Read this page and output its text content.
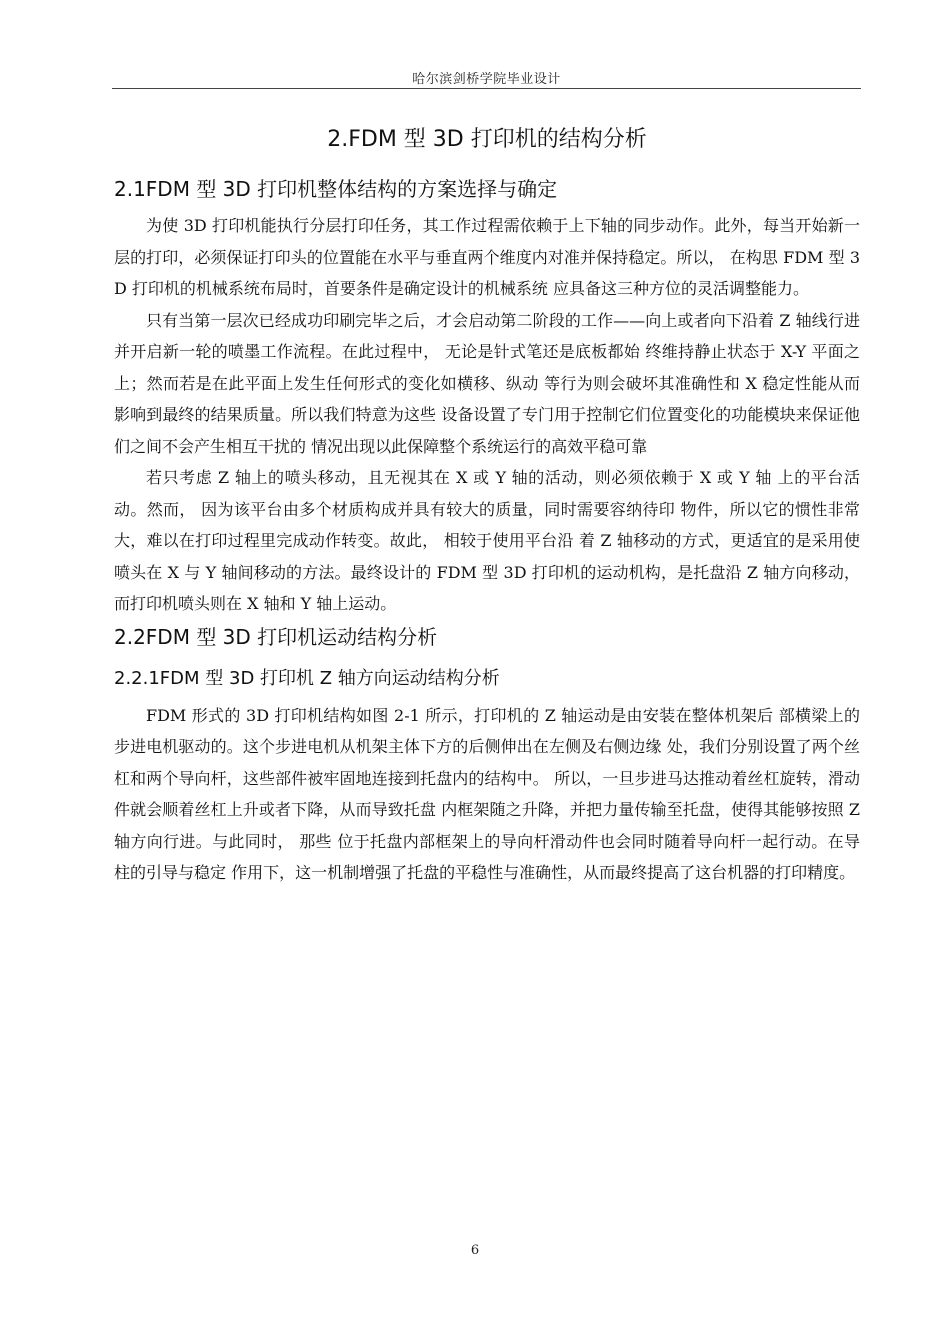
哈尔滨剑桥学院毕业设计
2.FDM 型 3D 打印机的结构分析
2.1FDM 型 3D 打印机整体结构的方案选择与确定

为使 3D 打印机能执行分层打印任务，其工作过程需依赖于上下轴的同步动作。此外，每当开始新一层的打印，必须保证打印头的位置能在水平与垂直两个维度内对准并保持稳定。所以， 在构思 FDM 型 3D 打印机的机械系统布局时，首要条件是确定设计的机械系统 应具备这三种方位的灵活调整能力。

只有当第一层次已经成功印刷完毕之后，才会启动第二阶段的工作——向上或者向下沿着 Z 轴线行进并开启新一轮的喷墨工作流程。在此过程中， 无论是针式笔还是底板都始 终维持静止状态于 X-Y 平面之上；然而若是在此平面上发生任何形式的变化如横移、纵动 等行为则会破坏其准确性和 X 稳定性能从而影响到最终的结果质量。所以我们特意为这些 设备设置了专门用于控制它们位置变化的功能模块来保证他们之间不会产生相互干扰的 情况出现以此保障整个系统运行的高效平稳可靠

若只考虑 Z 轴上的喷头移动，且无视其在 X 或 Y 轴的活动，则必须依赖于 X 或 Y 轴 上的平台活动。然而， 因为该平台由多个材质构成并具有较大的质量，同时需要容纳待印 物件，所以它的惯性非常大，难以在打印过程里完成动作转变。故此， 相较于使用平台沿 着 Z 轴移动的方式，更适宜的是采用使喷头在 X 与 Y 轴间移动的方法。最终设计的 FDM 型 3D 打印机的运动机构，是托盘沿 Z 轴方向移动，而打印机喷头则在 X 轴和 Y 轴上运动。

2.2FDM 型 3D 打印机运动结构分析
2.2.1FDM 型 3D 打印机 Z 轴方向运动结构分析

FDM 形式的 3D 打印机结构如图 2-1 所示，打印机的 Z 轴运动是由安装在整体机架后 部横梁上的步进电机驱动的。这个步进电机从机架主体下方的后侧伸出在左侧及右侧边缘 处，我们分别设置了两个丝杠和两个导向杆，这些部件被牢固地连接到托盘内的结构中。 所以，一旦步进马达推动着丝杠旋转，滑动件就会顺着丝杠上升或者下降，从而导致托盘 内框架随之升降，并把力量传输至托盘，使得其能够按照 Z 轴方向行进。与此同时， 那些 位于托盘内部框架上的导向杆滑动件也会同时随着导向杆一起行动。在导柱的引导与稳定 作用下，这一机制增强了托盘的平稳性与准确性，从而最终提高了这台机器的打印精度。

6
